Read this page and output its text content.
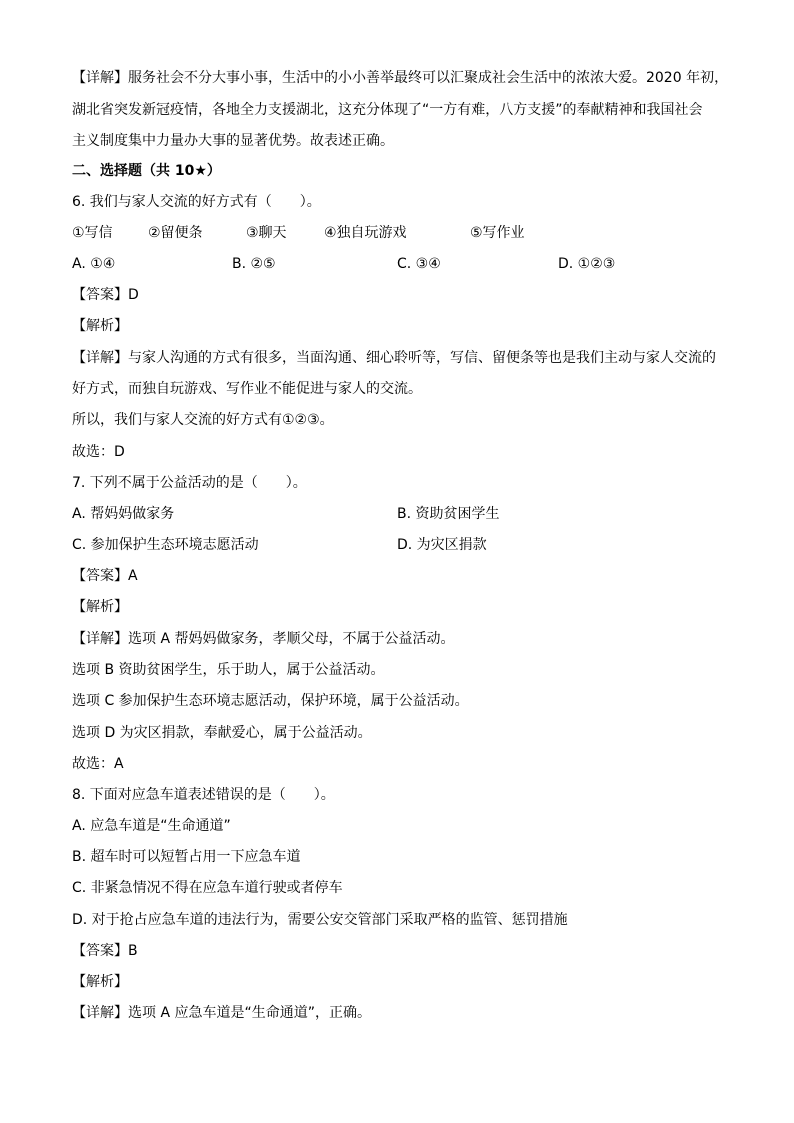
【详解】服务社会不分大事小事，生活中的小小善举最终可以汇聚成社会生活中的浓浓大爱。2020 年初，
湖北省突发新冠疫情，各地全力支援湖北，这充分体现了“一方有难，八方支援”的奉献精神和我国社会
主义制度集中力量办大事的显著优势。故表述正确。
二、选择题（共 10★）
6. 我们与家人交流的好方式有（　　）。
①写信	②留便条	③聊天	④独自玩游戏	⑤写作业
A. ①④	B. ②⑤	C. ③④	D. ①②③
【答案】D
【解析】
【详解】与家人沟通的方式有很多，当面沟通、细心聆听等，写信、留便条等也是我们主动与家人交流的
好方式，而独自玩游戏、写作业不能促进与家人的交流。
所以，我们与家人交流的好方式有①②③。
故选：D
7. 下列不属于公益活动的是（　　）。
A. 帮妈妈做家务	B. 资助贫困学生
C. 参加保护生态环境志愿活动	D. 为灾区捐款
【答案】A
【解析】
【详解】选项 A 帮妈妈做家务，孝顺父母，不属于公益活动。
选项 B 资助贫困学生，乐于助人，属于公益活动。
选项 C 参加保护生态环境志愿活动，保护环境，属于公益活动。
选项 D 为灾区捐款，奉献爱心，属于公益活动。
故选：A
8. 下面对应急车道表述错误的是（　　）。
A. 应急车道是“生命通道”
B. 超车时可以短暂占用一下应急车道
C. 非紧急情况不得在应急车道行驶或者停车
D. 对于抢占应急车道的违法行为，需要公安交管部门采取严格的监管、惩罚措施
【答案】B
【解析】
【详解】选项 A 应急车道是“生命通道”，正确。
